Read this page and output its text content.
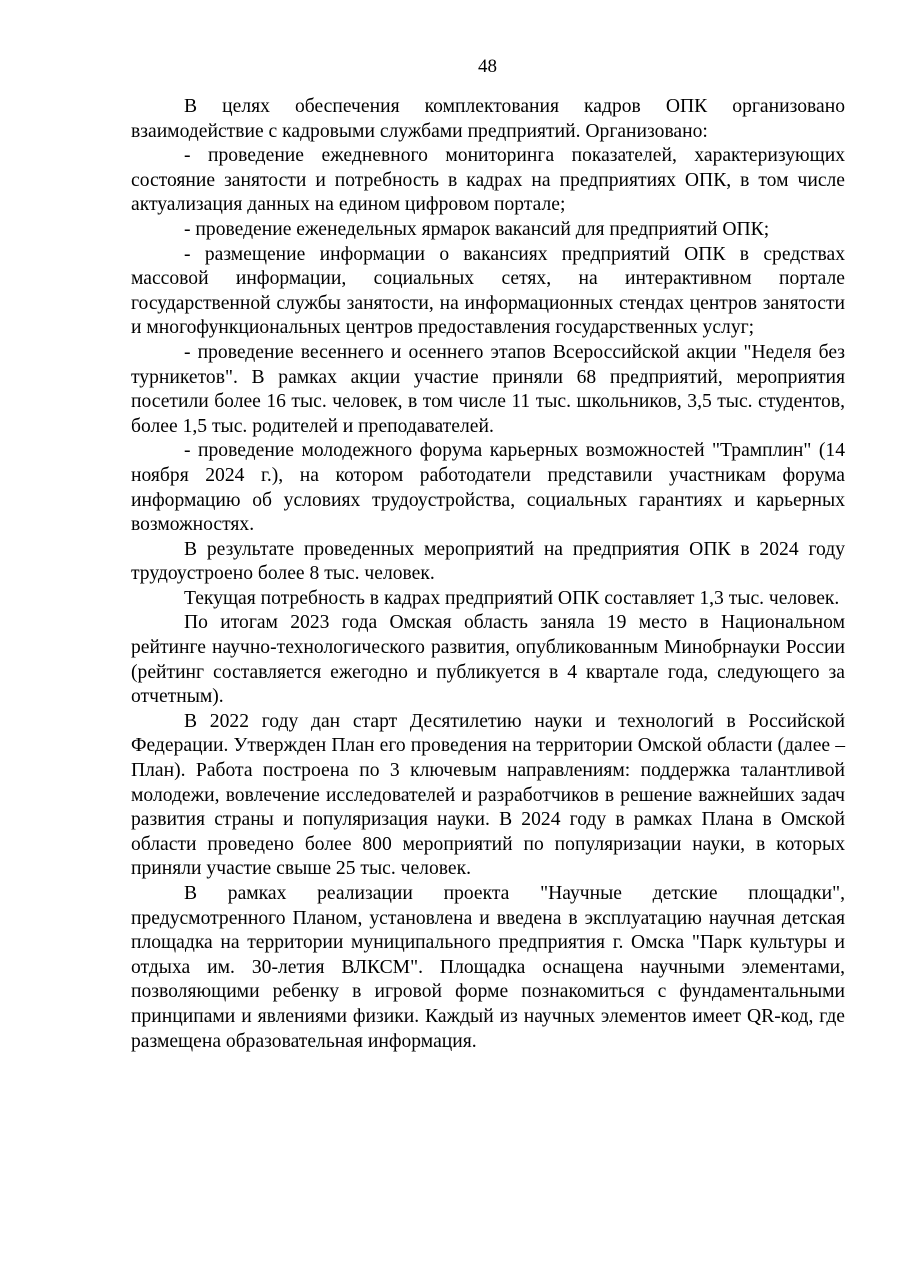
48

В целях обеспечения комплектования кадров ОПК организовано взаимодействие с кадровыми службами предприятий. Организовано:

- проведение ежедневного мониторинга показателей, характеризующих состояние занятости и потребность в кадрах на предприятиях ОПК, в том числе актуализация данных на едином цифровом портале;

- проведение еженедельных ярмарок вакансий для предприятий ОПК;

- размещение информации о вакансиях предприятий ОПК в средствах массовой информации, социальных сетях, на интерактивном портале государственной службы занятости, на информационных стендах центров занятости и многофункциональных центров предоставления государственных услуг;

- проведение весеннего и осеннего этапов Всероссийской акции "Неделя без турникетов". В рамках акции участие приняли 68 предприятий, мероприятия посетили более 16 тыс. человек, в том числе 11 тыс. школьников, 3,5 тыс. студентов, более 1,5 тыс. родителей и преподавателей.

- проведение молодежного форума карьерных возможностей "Трамплин" (14 ноября 2024 г.), на котором работодатели представили участникам форума информацию об условиях трудоустройства, социальных гарантиях и карьерных возможностях.

В результате проведенных мероприятий на предприятия ОПК в 2024 году трудоустроено более 8 тыс. человек.

Текущая потребность в кадрах предприятий ОПК составляет 1,3 тыс. человек.

По итогам 2023 года Омская область заняла 19 место в Национальном рейтинге научно-технологического развития, опубликованным Минобрнауки России (рейтинг составляется ежегодно и публикуется в 4 квартале года, следующего за отчетным).

В 2022 году дан старт Десятилетию науки и технологий в Российской Федерации. Утвержден План его проведения на территории Омской области (далее – План). Работа построена по 3 ключевым направлениям: поддержка талантливой молодежи, вовлечение исследователей и разработчиков в решение важнейших задач развития страны и популяризация науки. В 2024 году в рамках Плана в Омской области проведено более 800 мероприятий по популяризации науки, в которых приняли участие свыше 25 тыс. человек.

В рамках реализации проекта "Научные детские площадки", предусмотренного Планом, установлена и введена в эксплуатацию научная детская площадка на территории муниципального предприятия г. Омска "Парк культуры и отдыха им. 30-летия ВЛКСМ". Площадка оснащена научными элементами, позволяющими ребенку в игровой форме познакомиться с фундаментальными принципами и явлениями физики. Каждый из научных элементов имеет QR-код, где размещена образовательная информация.
